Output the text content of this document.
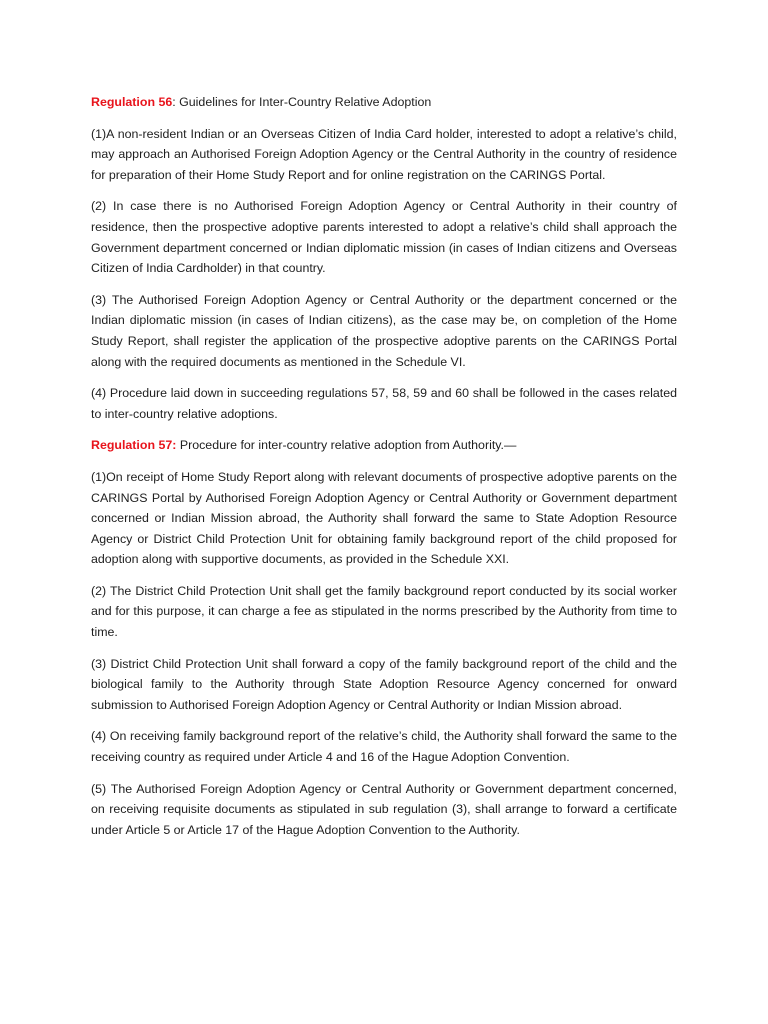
Regulation 56: Guidelines for Inter-Country Relative Adoption

(1)A non-resident Indian or an Overseas Citizen of India Card holder, interested to adopt a relative’s child, may approach an Authorised Foreign Adoption Agency or the Central Authority in the country of residence for preparation of their Home Study Report and for online registration on the CARINGS Portal.

(2) In case there is no Authorised Foreign Adoption Agency or Central Authority in their country of residence, then the prospective adoptive parents interested to adopt a relative’s child shall approach the Government department concerned or Indian diplomatic mission (in cases of Indian citizens and Overseas Citizen of India Cardholder) in that country.

(3) The Authorised Foreign Adoption Agency or Central Authority or the department concerned or the Indian diplomatic mission (in cases of Indian citizens), as the case may be, on completion of the Home Study Report, shall register the application of the prospective adoptive parents on the CARINGS Portal along with the required documents as mentioned in the Schedule VI.

(4) Procedure laid down in succeeding regulations 57, 58, 59 and 60 shall be followed in the cases related to inter-country relative adoptions.

Regulation 57: Procedure for inter-country relative adoption from Authority.—

(1)On receipt of Home Study Report along with relevant documents of prospective adoptive parents on the CARINGS Portal by Authorised Foreign Adoption Agency or Central Authority or Government department concerned or Indian Mission abroad, the Authority shall forward the same to State Adoption Resource Agency or District Child Protection Unit for obtaining family background report of the child proposed for adoption along with supportive documents, as provided in the Schedule XXI.

(2) The District Child Protection Unit shall get the family background report conducted by its social worker and for this purpose, it can charge a fee as stipulated in the norms prescribed by the Authority from time to time.

(3) District Child Protection Unit shall forward a copy of the family background report of the child and the biological family to the Authority through State Adoption Resource Agency concerned for onward submission to Authorised Foreign Adoption Agency or Central Authority or Indian Mission abroad.

(4) On receiving family background report of the relative’s child, the Authority shall forward the same to the receiving country as required under Article 4 and 16 of the Hague Adoption Convention.

(5) The Authorised Foreign Adoption Agency or Central Authority or Government department concerned, on receiving requisite documents as stipulated in sub regulation (3), shall arrange to forward a certificate under Article 5 or Article 17 of the Hague Adoption Convention to the Authority.
